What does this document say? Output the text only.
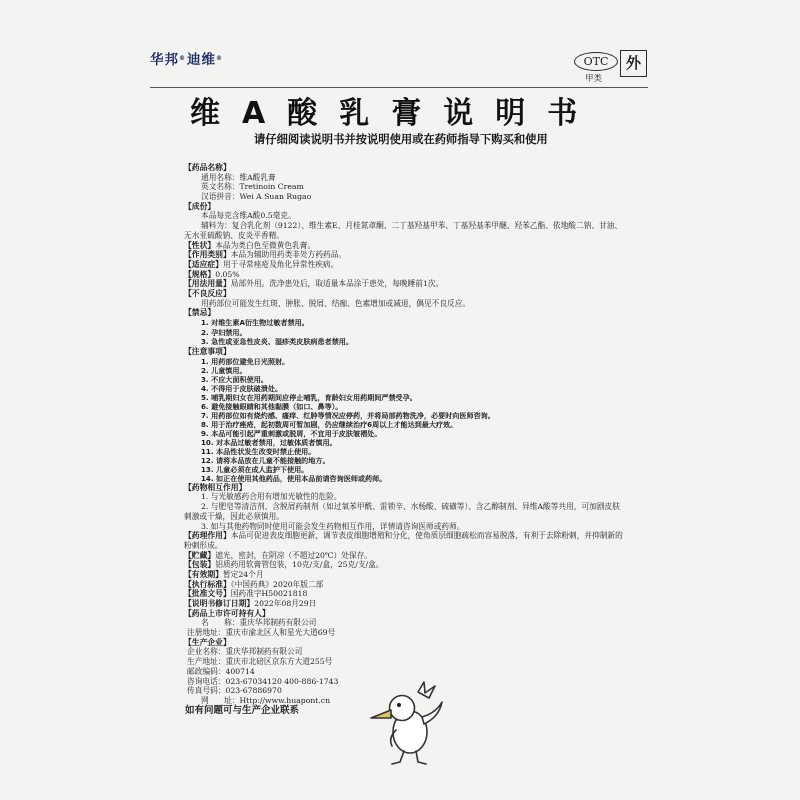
华邦® 迪维®	OTC
甲类
外
维A酸乳膏说明书
请仔细阅读说明书并按说明使用或在药师指导下购买和使用
【药品名称】
通用名称：维A酸乳膏
英文名称：Tretinoin Cream
汉语拼音：Wei A Suan Rugao
【成份】
本品每克含维A酸0.5毫克。
辅料为：复合乳化剂（9122）、维生素E、月桂氮䓬酮、二丁基羟基甲苯、丁基羟基苯甲醚、羟苯乙酯、依地酸二钠、甘油、
无水亚硫酸钠、皮炎平香精。
【性状】本品为类白色至微黄色乳膏。
【作用类别】本品为辅助用药类非处方药药品。
【适应症】用于寻常痤疮及角化异常性疾病。
【规格】0.05%
【用法用量】局部外用。洗净患处后，取适量本品涂于患处，每晚睡前1次。
【不良反应】
用药部位可能发生红斑、肿胀、脱屑、结痂、色素增加或减退，偶见不良反应。
【禁忌】
1. 对维生素A衍生物过敏者禁用。
2. 孕妇禁用。
3. 急性或亚急性皮炎、湿疹类皮肤病患者禁用。
【注意事项】
1. 用药部位避免日光照射。
2. 儿童慎用。
3. 不应大面积使用。
4. 不得用于皮肤破溃处。
5. 哺乳期妇女在用药期间应停止哺乳，育龄妇女用药期间严禁受孕。
6. 避免接触眼睛和其他黏膜（如口、鼻等）。
7. 用药部位如有烧灼感、瘙痒、红肿等情况应停药，并将局部药物洗净，必要时向医师咨询。
8. 用于治疗痤疮，起初数周可暂加剧，仍应继续治疗6周以上才能达到最大疗效。
9. 本品可能引起严重刺激或脱屑，不宜用于皮肤皱褶处。
10. 对本品过敏者禁用，过敏体质者慎用。
11. 本品性状发生改变时禁止使用。
12. 请将本品放在儿童不能接触的地方。
13. 儿童必须在成人监护下使用。
14. 如正在使用其他药品，使用本品前请咨询医师或药师。
【药物相互作用】
1. 与光敏感药合用有增加光敏性的危险。
2. 与肥皂等清洁剂、含脱屑药制剂（如过氧苯甲酰、雷锁辛、水杨酸、硫磺等）、含乙醇制剂、异维A酸等共用，可加剧皮肤
刺激或干燥，因此必须慎用。
3. 如与其他药物同时使用可能会发生药物相互作用，详情请咨询医师或药师。
【药理作用】本品可促进表皮细胞更新，调节表皮细胞增殖和分化，使角质层细胞疏松而容易脱落，有利于去除粉刺，并抑制新的
粉刺形成。
【贮藏】遮光，密封，在阴凉（不超过20℃）处保存。
【包装】铝质药用软膏管包装，10克/支/盒，25克/支/盒。
【有效期】暂定24个月
【执行标准】《中国药典》2020年版二部
【批准文号】国药准字H50021818
【说明书修订日期】2022年08月29日
【药品上市许可持有人】
名　　称：重庆华邦制药有限公司
注册地址：重庆市渝北区人和星光大道69号
【生产企业】
企业名称：重庆华邦制药有限公司
生产地址：重庆市北碚区京东方大道255号
邮政编码：400714
咨询电话：023-67034120 400-886-1743
传真号码：023-67886970
网　　址：Http://www.huapont.cn
如有问题可与生产企业联系
